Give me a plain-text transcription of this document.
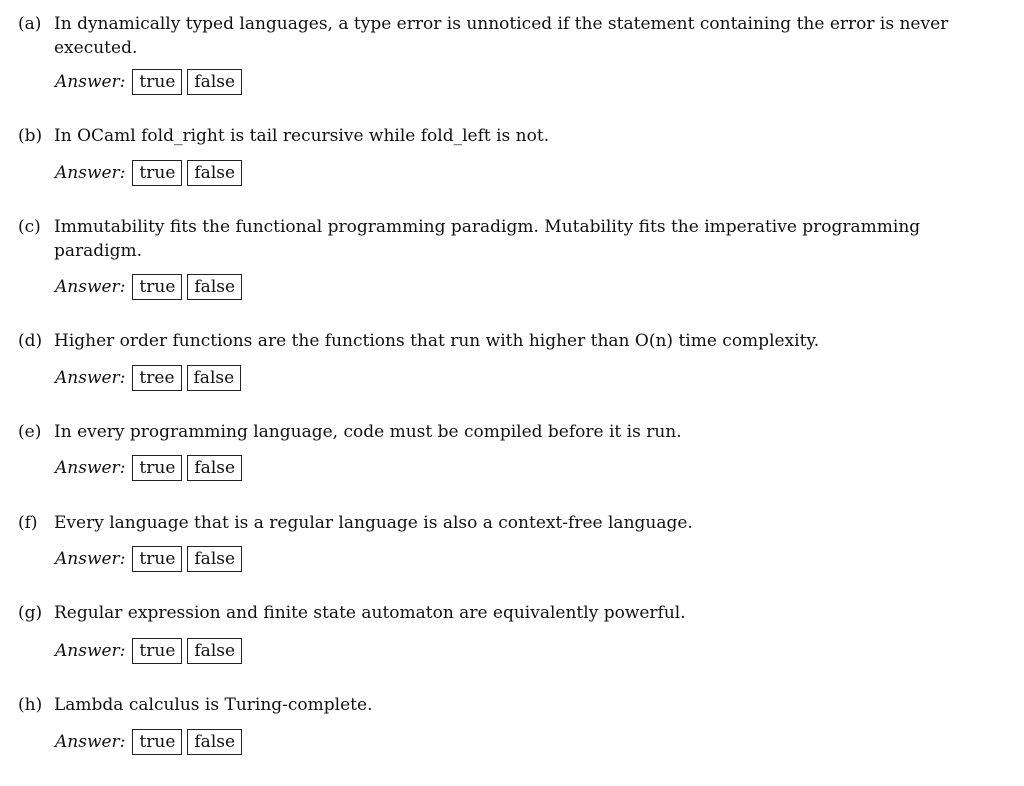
(a) In dynamically typed languages, a type error is unnoticed if the statement containing the error is never executed.
Answer: true	false
(b) In OCaml fold_right is tail recursive while fold_left is not.
Answer: true	false
(c) Immutability fits the functional programming paradigm. Mutability fits the imperative programming paradigm.
Answer: true	false
(d) Higher order functions are the functions that run with higher than O(n) time complexity.
Answer: tree	false
(e) In every programming language, code must be compiled before it is run.
Answer: true	false
(f) Every language that is a regular language is also a context-free language.
Answer: true	false
(g) Regular expression and finite state automaton are equivalently powerful.
Answer: true	false
(h) Lambda calculus is Turing-complete.
Answer: true	false
